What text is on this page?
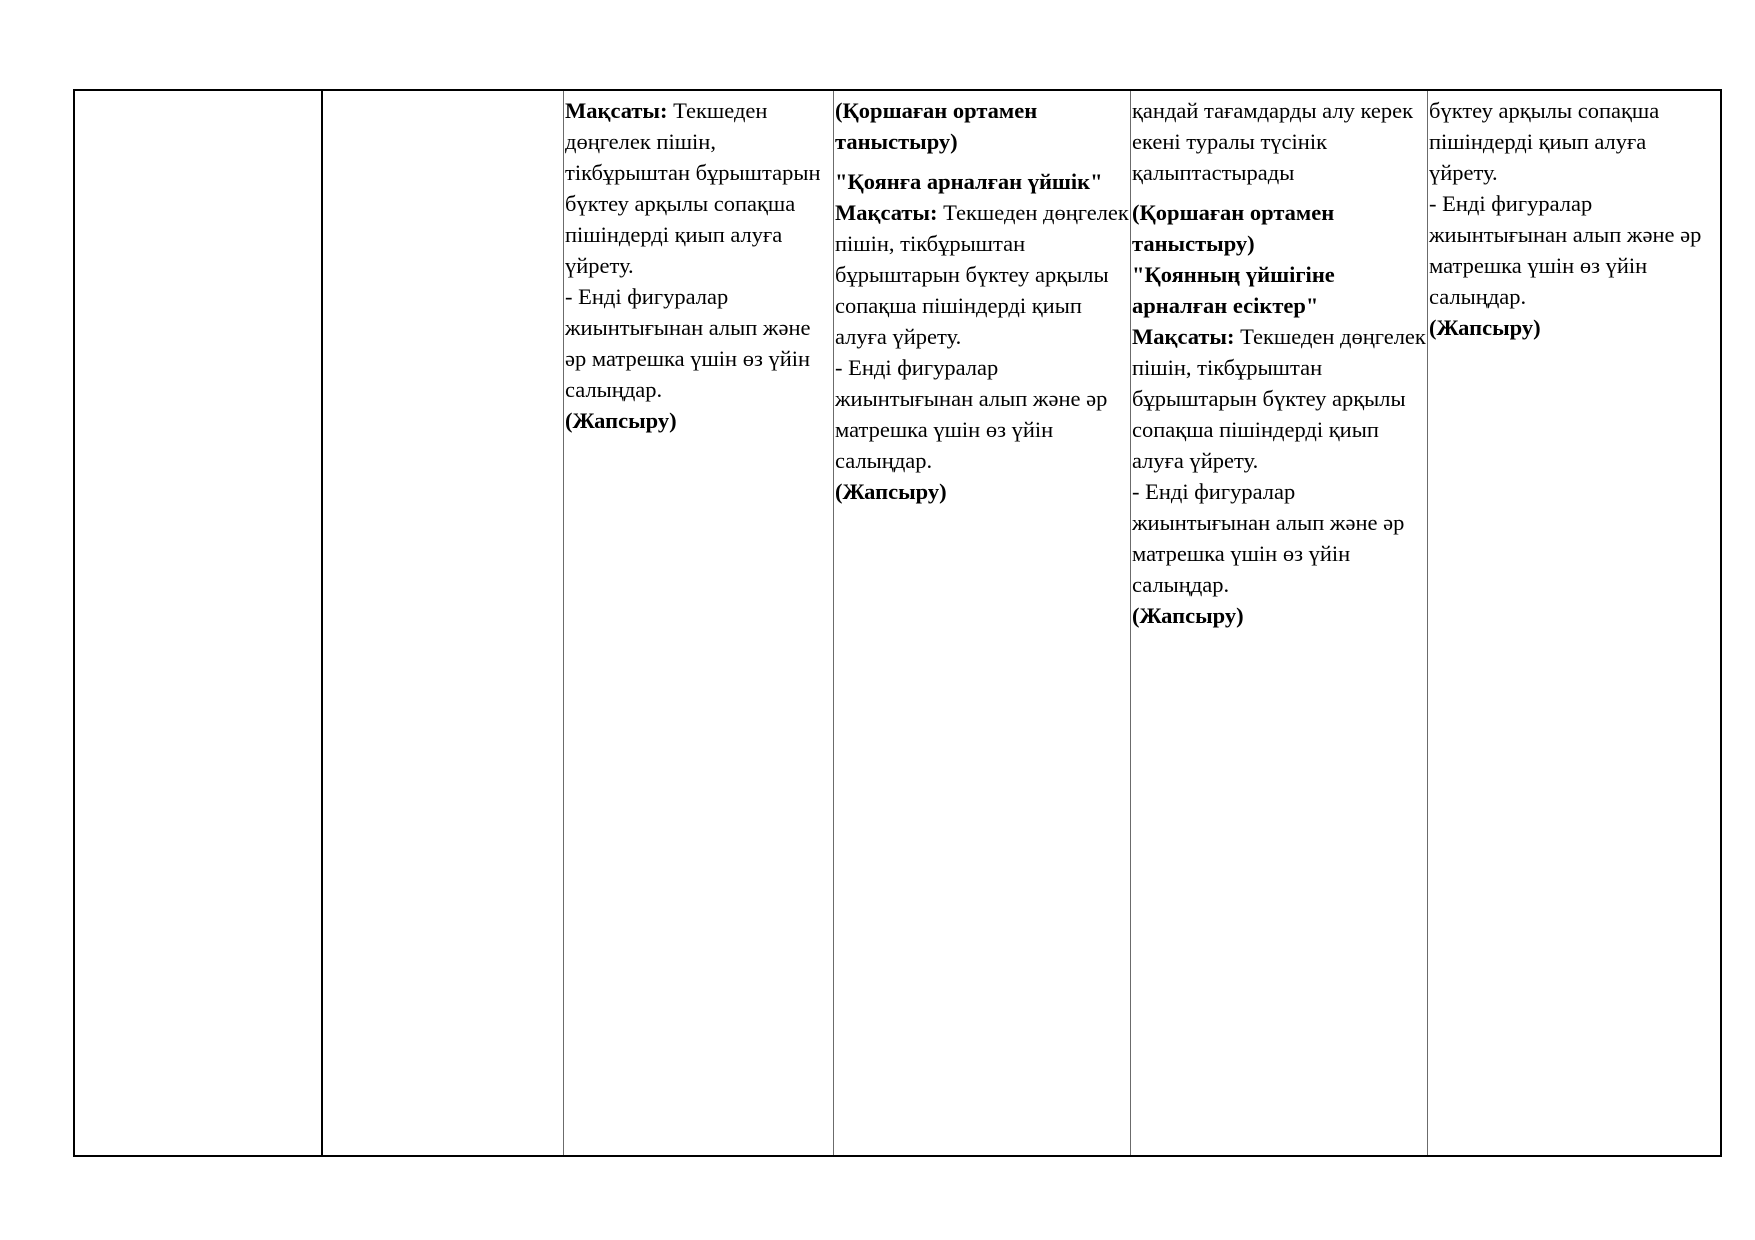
Мақсаты: Текшеден дөңгелек пішін, тікбұрыштан бұрыштарын бүктеу арқылы сопақша пішіндерді қиып алуға үйрету.

- Енді фигуралар жиынтығынан алып және әр матрешка үшін өз үйін салыңдар.

(Жапсыру)

(Қоршаған ортамен таныстыру)

"Қоянға арналған үйшік"

Мақсаты: Текшеден дөңгелек пішін, тікбұрыштан бұрыштарын бүктеу арқылы сопақша пішіндерді қиып алуға үйрету.

- Енді фигуралар жиынтығынан алып және әр матрешка үшін өз үйін салыңдар.

(Жапсыру)

қандай тағамдарды алу керек екені туралы түсінік қалыптастырады

(Қоршаған ортамен таныстыру)

"Қоянның үйшігіне арналған есіктер"

Мақсаты: Текшеден дөңгелек пішін, тікбұрыштан бұрыштарын бүктеу арқылы сопақша пішіндерді қиып алуға үйрету.

- Енді фигуралар жиынтығынан алып және әр матрешка үшін өз үйін салыңдар.

(Жапсыру)

бүктеу арқылы сопақша пішіндерді қиып алуға үйрету.

- Енді фигуралар жиынтығынан алып және әр матрешка үшін өз үйін салыңдар.

(Жапсыру)
